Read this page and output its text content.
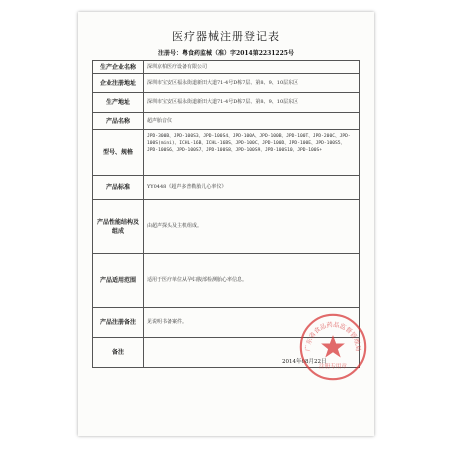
医疗器械注册登记表
注册号：粤食药监械（准）字2014第2231225号
生产企业名称	深圳京柏医疗设备有限公司
企业注册地址	深圳市宝安区福永街道新田大道71-4号D栋7层、第8、9、10层东区
生产地址	深圳市宝安区福永街道新田大道71-4号D栋7层、第8、9、10层东区
产品名称	超声胎音仪
型号、规格	JPD-300B、JPD-100S3、JPD-100S4、JPD-100A、JPD-100B、JPD-100T、JPD-200C、JPD-100S(mini)、ICHL-16B、ICHL-16BS、JPD-100C、JPD-100D、JPD-100E、JPD-100S5、JPD-100S6、JPD-100S7、JPD-100S8、JPD-100S9、JPD-100S10、JPD-100S+
产品标准	YY0448《超声多普勒胎儿心率仪》
产品性能结构及组成	由超声探头及主机组成。
产品适用范围	适用于医疗单位从孕妇腹部检测胎心率信息。
产品注册备注	见说明书备案件。
备注	
2014年08月22日
广东省食品药品监督管理局
注册专用章
